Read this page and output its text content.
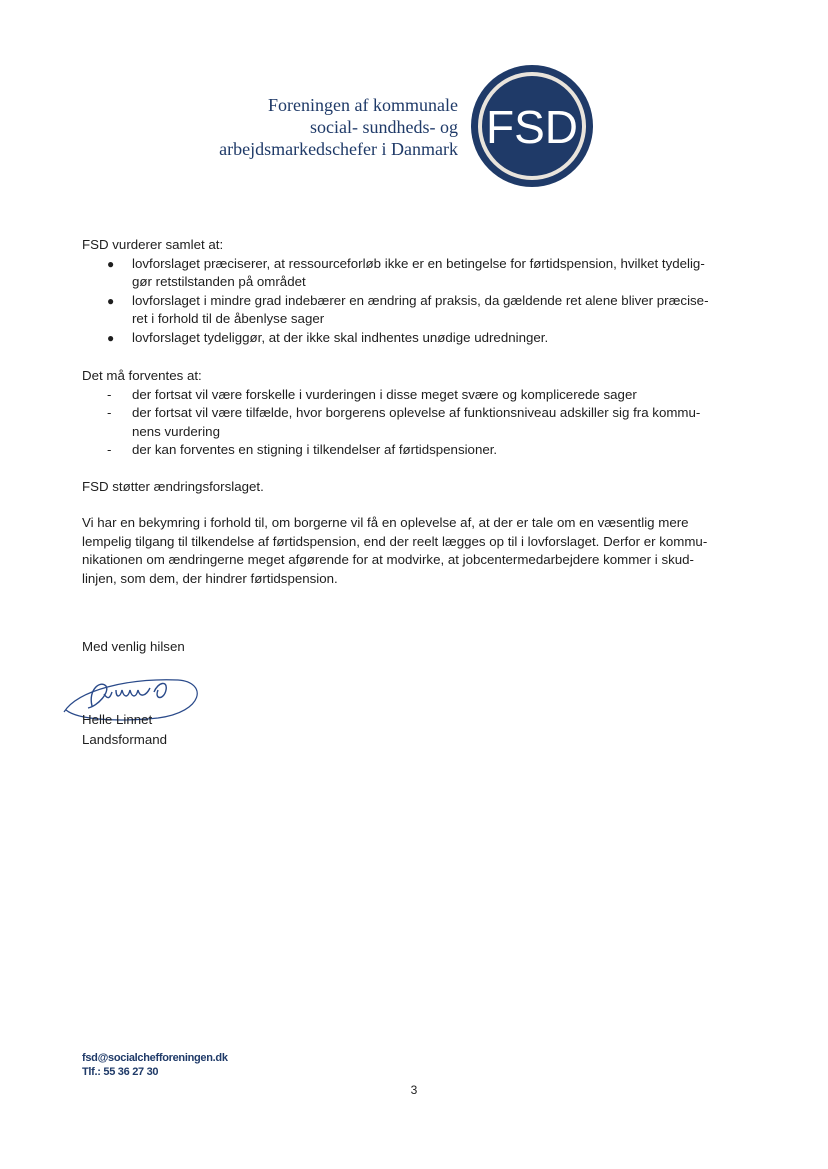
Foreningen af kommunale
social- sundheds- og
arbejdsmarkedschefer i Danmark FSD

FSD vurderer samlet at:

● lovforslaget præciserer, at ressourceforløb ikke er en betingelse for førtidspension, hvilket tydelig-
gør retstilstanden på området
● lovforslaget i mindre grad indebærer en ændring af praksis, da gældende ret alene bliver præcise-
ret i forhold til de åbenlyse sager
● lovforslaget tydeliggør, at der ikke skal indhentes unødige udredninger.

Det må forventes at:

- der fortsat vil være forskelle i vurderingen i disse meget svære og komplicerede sager
- der fortsat vil være tilfælde, hvor borgerens oplevelse af funktionsniveau adskiller sig fra kommu-
nens vurdering
- der kan forventes en stigning i tilkendelser af førtidspensioner.

FSD støtter ændringsforslaget.

Vi har en bekymring i forhold til, om borgerne vil få en oplevelse af, at der er tale om en væsentlig mere

lempelig tilgang til tilkendelse af førtidspension, end der reelt lægges op til i lovforslaget. Derfor er kommu-

nikationen om ændringerne meget afgørende for at modvirke, at jobcentermedarbejdere kommer i skud-

linjen, som dem, der hindrer førtidspension.

Med venlig hilsen
Helle Linnet
Landsformand
fsd@socialchefforeningen.dk
Tlf.: 55 36 27 30
3
